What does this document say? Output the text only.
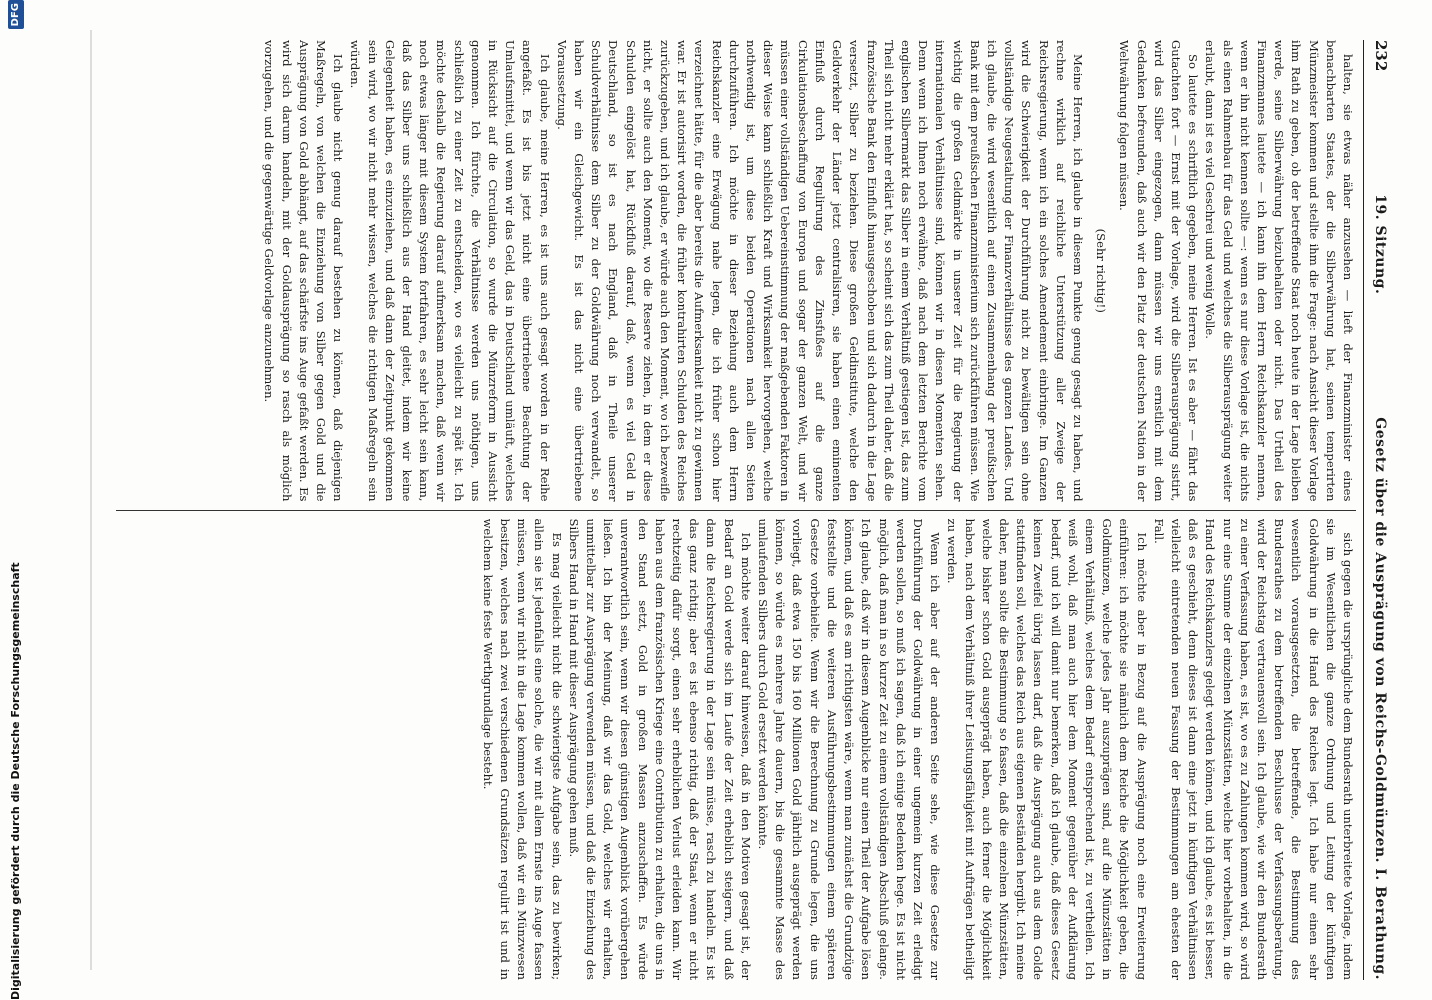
Digitalisierung gefördert durch die Deutsche Forschungsgemeinschaft
DFG
232
19. Sitzung.
Gesetz über die Ausprägung von Reichs-Goldmünzen. I. Berathung.

halten, sie etwas näher anzusehen — lieft der Finanzminister eines benachbarten Staates, der die Silberwährung hat, seinen temperirten Münzmeister kommen und stellte ihm die Frage: nach Ansicht dieser Vorlage ihm Rath zu geben, ob der betreffende Staat noch heute in der Lage bleiben werde, seine Silberwährung beizubehalten oder nicht. Das Urtheil des Finanzmannes lautete — ich kann ihn dem Herrn Reichskanzler nennen, wenn er ihn nicht kennen sollte —: wenn es nur diese Vorlage ist, die nichts als einen Rahmenbau für das Geld und welches die Silberausprägung weiter erlaubt, dann ist es viel Geschrei und wenig Wolle.

So lautete es schriftlich gegeben, meine Herren. Ist es aber — fährt das Gutachten fort — Ernst mit der Vorlage, wird die Silberausprägung sistirt, wird das Silber eingezogen, dann müssen wir uns ernstlich mit dem Gedanken befreunden, daß auch wir den Platz der deutschen Nation in der Weltwährung folgen müssen.

(Sehr richtig!)

Meine Herren, ich glaube in diesem Punkte genug gesagt zu haben, und rechne wirklich auf reichliche Unterstützung aller Zweige der Reichsregierung, wenn ich ein solches Amendement einbringe. Im Ganzen wird die Schwierigkeit der Durchführung nicht zu bewältigen sein ohne vollständige Neugestaltung der Finanzverhältnisse des ganzen Landes. Und ich glaube, die wird wesentlich auf einen Zusammenhang der preußischen Bank mit dem preußischen Finanzministerium sich zurückführen müssen. Wie wichtig die großen Geldmärkte in unserer Zeit für die Regierung der internationalen Verhältnisse sind, können wir in diesen Momenten sehen. Denn wenn ich Ihnen noch erwähne, daß nach dem letzten Berichte vom englischen Silbermarkt das Silber in einem Verhältniß gestiegen ist, das zum Theil sich nicht mehr erklärt hat, so scheint sich das zum Theil daher, daß die französische Bank den Einfluß hinausgeschoben und sich dadurch in die Lage versetzt, Silber zu beziehen. Diese großen Geldinstitute, welche den Geldverkehr der Länder jetzt centralisiren, sie haben einen eminenten Einfluß durch Regulirung des Zinsfußes auf die ganze Cirkulationsbeschaffung von Europa und sogar der ganzen Welt, und wir müssen einer vollständigen Uebereinstimmung der maßgebenden Faktoren in dieser Weise kann schließlich Kraft und Wirksamkeit hervorgehen, welche nothwendig ist, um diese beiden Operationen nach allen Seiten durchzuführen. Ich möchte in dieser Beziehung auch dem Herrn Reichskanzler eine Erwägung nahe legen, die ich früher schon hier verzeichnet hätte, für die aber bereits die Aufmerksamkeit nicht zu gewinnen war. Er ist autorisirt worden, die früher kontrahirten Schulden des Reiches zurückzugeben, und ich glaube, er würde auch den Moment, wo ich bezweifle nicht, er sollte auch den Moment, wo die Reserve ziehen, in dem er diese Schulden eingelöst hat, Rückfluß darauf, daß, wenn es viel Geld in Deutschland, so ist es nach England, daß in Theile unserer Schuldverhältnisse dem Silber zu der Goldwährung noch verwandelt, so haben wir ein Gleichgewicht. Es ist das nicht eine übertriebene Voraussetzung.

Ich glaube, meine Herren, es ist uns auch gesagt worden in der Reihe angefaßt. Es ist bis jetzt nicht eine übertriebene Beachtung der Umlaufsmittel, und wenn wir das Geld, das in Deutschland umläuft, welches in Rücksicht auf die Circulation, so wurde die Münzreform in Aussicht genommen. Ich fürchte, die Verhältnisse werden uns nöthigen, uns schließlich zu einer Zeit zu entscheiden, wo es vielleicht zu spät ist. Ich möchte deshalb die Regierung darauf aufmerksam machen, daß wenn wir noch etwas länger mit diesem System fortfahren, es sehr leicht sein kann, daß das Silber uns schließlich aus der Hand gleitet, indem wir keine Gelegenheit haben, es einzuziehen, und daß dann der Zeitpunkt gekommen sein wird, wo wir nicht mehr wissen, welches die richtigen Maßregeln sein würden.

Ich glaube nicht genug darauf bestehen zu können, daß diejenigen Maßregeln, von welchen die Einziehung von Silber gegen Gold und die Ausprägung von Gold abhängt, auf das schärfste ins Auge gefaßt werden. Es wird sich darum handeln, mit der Goldausprägung so rasch als möglich vorzugehen, und die gegenwärtige Geldvorlage anzunehmen.

sich gegen die ursprüngliche dem Bundesrath unterbreitete Vorlage, indem sie im Wesentlichen die ganze Ordnung und Leitung der künftigen Goldwährung in die Hand des Reiches legt. Ich habe nur einen sehr wesentlich vorausgesetzten, die betreffende, die Bestimmung des Bundesrathes zu dem betreffenden Beschlusse der Verfassungsberatung, wird der Reichstag vertrauensvoll sein. Ich glaube, wie wir den Bundesrath zu einer Verfassung haben, es ist, wo es zu Zahlungen kommen wird, so wird nur eine Summe der einzelnen Münzstätten, welche hier vorbehalten, in die Hand des Reichskanzlers gelegt werden können, und ich glaube, es ist besser, daß es geschieht, denn dieses ist dann eine jetzt in künftigen Verhältnissen vielleicht eintretenden neuen Fassung der Bestimmungen am ehesten der Fall.

Ich möchte aber in Bezug auf die Ausprägung noch eine Erweiterung einführen: ich möchte sie nämlich dem Reiche die Möglichkeit geben, die Goldmünzen, welche jedes Jahr auszuprägen sind, auf die Münzstätten in einem Verhältniß, welches dem Bedarf entsprechend ist, zu vertheilen. Ich weiß wohl, daß man auch hier dem Moment gegenüber der Aufklärung bedarf, und ich will damit nur bemerken, daß ich glaube, daß dieses Gesetz keinen Zweifel übrig lassen darf, daß die Ausprägung auch aus dem Golde stattfinden soll, welches das Reich aus eigenen Beständen hergibt. Ich meine daher, man sollte die Bestimmung so fassen, daß die einzelnen Münzstätten, welche bisher schon Gold ausgeprägt haben, auch ferner die Möglichkeit haben, nach dem Verhältniß ihrer Leistungsfähigkeit mit Aufträgen betheiligt zu werden.

Wenn ich aber auf der anderen Seite sehe, wie diese Gesetze zur Durchführung der Goldwährung in einer ungemein kurzen Zeit erledigt werden sollen, so muß ich sagen, daß ich einige Bedenken hege. Es ist nicht möglich, daß man in so kurzer Zeit zu einem vollständigen Abschluß gelange. Ich glaube, daß wir in diesem Augenblicke nur einen Theil der Aufgabe lösen können, und daß es am richtigsten wäre, wenn man zunächst die Grundzüge feststellte und die weiteren Ausführungsbestimmungen einem späteren Gesetze vorbehielte. Wenn wir die Berechnung zu Grunde legen, die uns vorliegt, daß etwa 150 bis 160 Millionen Gold jährlich ausgeprägt werden können, so würde es mehrere Jahre dauern, bis die gesammte Masse des umlaufenden Silbers durch Gold ersetzt werden könnte.

Ich möchte weiter darauf hinweisen, daß in den Motiven gesagt ist, der Bedarf an Gold werde sich im Laufe der Zeit erheblich steigern, und daß dann die Reichsregierung in der Lage sein müsse, rasch zu handeln. Es ist das ganz richtig; aber es ist ebenso richtig, daß der Staat, wenn er nicht rechtzeitig dafür sorgt, einen sehr erheblichen Verlust erleiden kann. Wir haben aus dem französischen Kriege eine Contribution zu erhalten, die uns in den Stand setzt, Gold in großen Massen anzuschaffen. Es würde unverantwortlich sein, wenn wir diesen günstigen Augenblick vorübergehen ließen. Ich bin der Meinung, daß wir das Gold, welches wir erhalten, unmittelbar zur Ausprägung verwenden müssen, und daß die Einziehung des Silbers Hand in Hand mit dieser Ausprägung gehen muß.

Es mag vielleicht nicht die schwierigste Aufgabe sein, das zu bewirken; allein sie ist jedenfalls eine solche, die wir mit allem Ernste ins Auge fassen müssen, wenn wir nicht in die Lage kommen wollen, daß wir ein Münzwesen besitzen, welches nach zwei verschiedenen Grundsätzen regulirt ist und in welchem keine feste Werthgrundlage besteht.
